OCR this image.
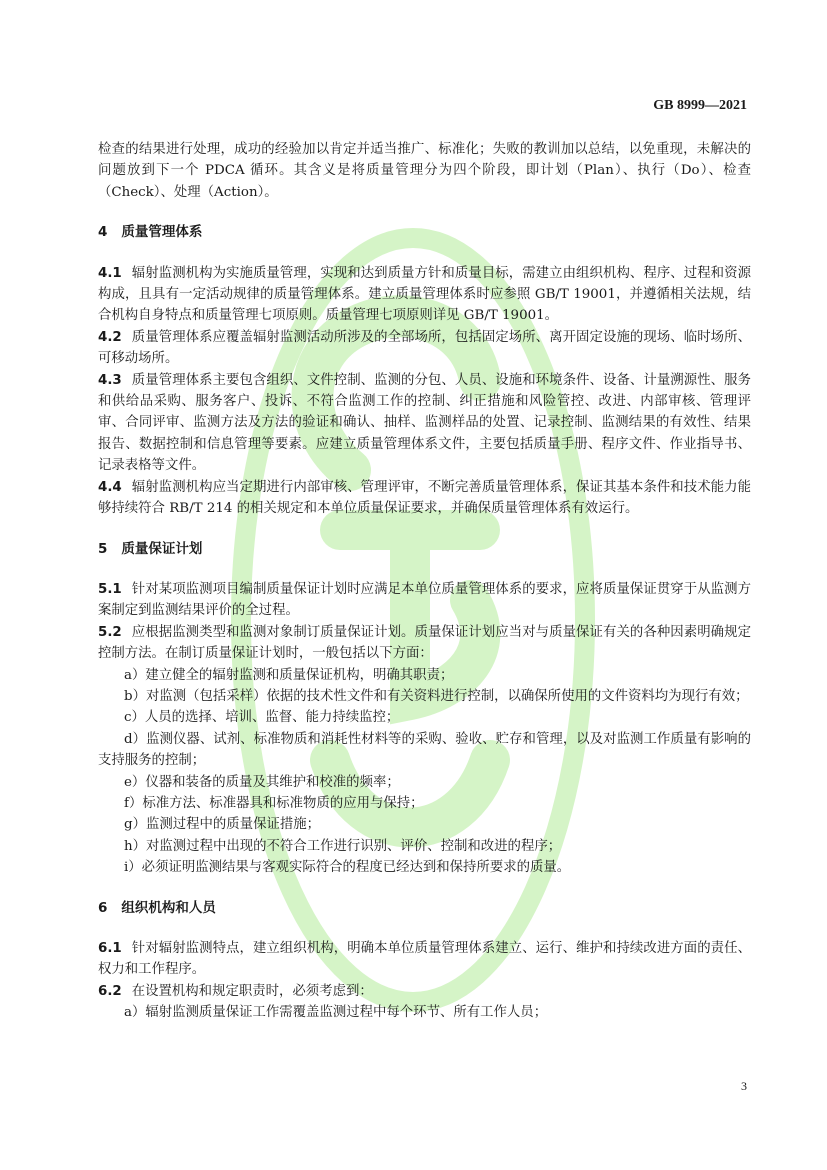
GB 8999—2021

检查的结果进行处理，成功的经验加以肯定并适当推广、标准化；失败的教训加以总结，以免重现，未解决的问题放到下一个 PDCA 循环。其含义是将质量管理分为四个阶段，即计划（Plan）、执行（Do）、检查（Check）、处理（Action）。

4 质量管理体系

4.1 辐射监测机构为实施质量管理，实现和达到质量方针和质量目标，需建立由组织机构、程序、过程和资源构成，且具有一定活动规律的质量管理体系。建立质量管理体系时应参照 GB/T 19001，并遵循相关法规，结合机构自身特点和质量管理七项原则。质量管理七项原则详见 GB/T 19001。

4.2 质量管理体系应覆盖辐射监测活动所涉及的全部场所，包括固定场所、离开固定设施的现场、临时场所、可移动场所。

4.3 质量管理体系主要包含组织、文件控制、监测的分包、人员、设施和环境条件、设备、计量溯源性、服务和供给品采购、服务客户、投诉、不符合监测工作的控制、纠正措施和风险管控、改进、内部审核、管理评审、合同评审、监测方法及方法的验证和确认、抽样、监测样品的处置、记录控制、监测结果的有效性、结果报告、数据控制和信息管理等要素。应建立质量管理体系文件，主要包括质量手册、程序文件、作业指导书、记录表格等文件。

4.4 辐射监测机构应当定期进行内部审核、管理评审，不断完善质量管理体系，保证其基本条件和技术能力能够持续符合 RB/T 214 的相关规定和本单位质量保证要求，并确保质量管理体系有效运行。

5 质量保证计划

5.1 针对某项监测项目编制质量保证计划时应满足本单位质量管理体系的要求，应将质量保证贯穿于从监测方案制定到监测结果评价的全过程。

5.2 应根据监测类型和监测对象制订质量保证计划。质量保证计划应当对与质量保证有关的各种因素明确规定控制方法。在制订质量保证计划时，一般包括以下方面：

a）建立健全的辐射监测和质量保证机构，明确其职责；

b）对监测（包括采样）依据的技术性文件和有关资料进行控制，以确保所使用的文件资料均为现行有效；

c）人员的选择、培训、监督、能力持续监控；

d）监测仪器、试剂、标准物质和消耗性材料等的采购、验收、贮存和管理，以及对监测工作质量有影响的支持服务的控制；

e）仪器和装备的质量及其维护和校准的频率；

f）标准方法、标准器具和标准物质的应用与保持；

g）监测过程中的质量保证措施；

h）对监测过程中出现的不符合工作进行识别、评价、控制和改进的程序；

i）必须证明监测结果与客观实际符合的程度已经达到和保持所要求的质量。

6 组织机构和人员

6.1 针对辐射监测特点，建立组织机构，明确本单位质量管理体系建立、运行、维护和持续改进方面的责任、权力和工作程序。

6.2 在设置机构和规定职责时，必须考虑到：

a）辐射监测质量保证工作需覆盖监测过程中每个环节、所有工作人员；

3
